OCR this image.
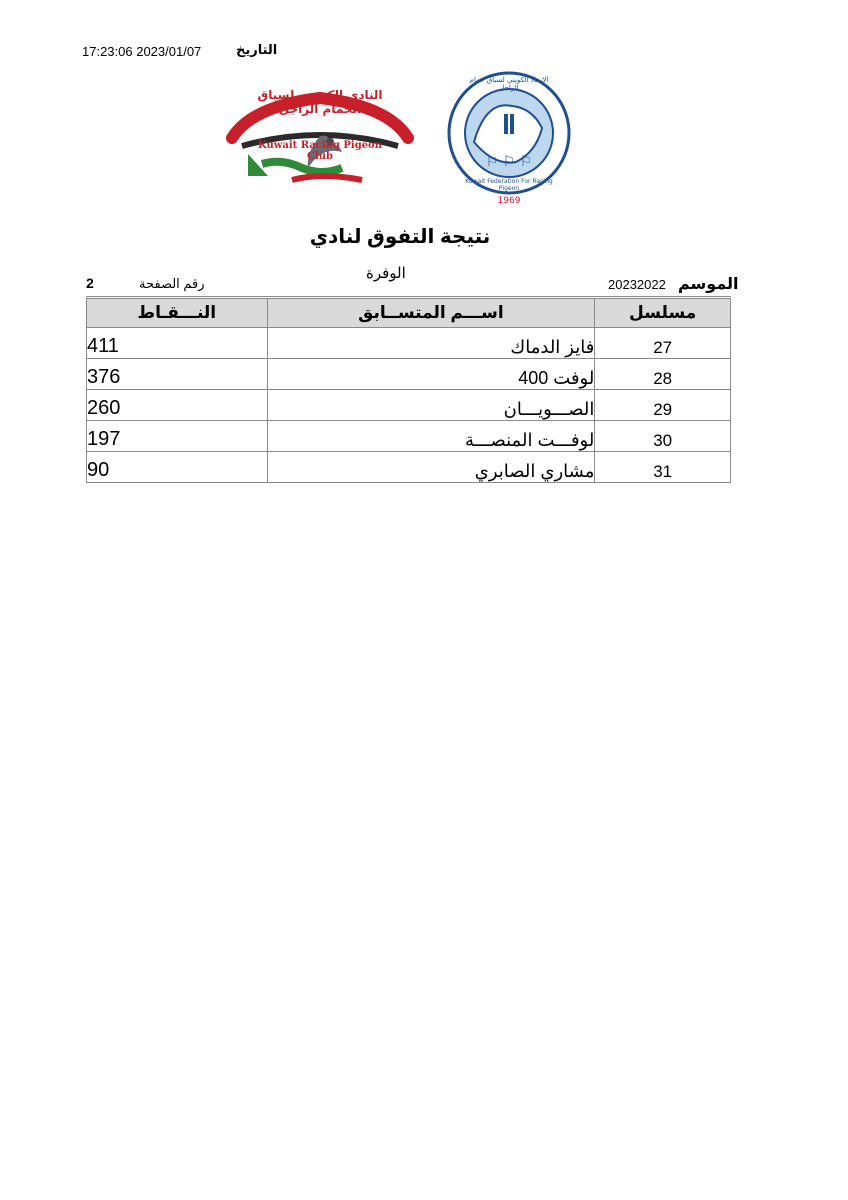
التاريخ
17:23:06 2023/01/07
النادي الكويتي لسباق الحمام الزاجل
Kuwait Racing Pigeon Club	⚐ ⚐ ⚐
1969
الاتحاد الكويتي لسباق حمام الزاجل
Kuwait Federation For Racing Pigeon
نتيجة التفوق لنادي
الوفرة
الموسم
20232022
رقم الصفحة
2
مسلسل	اســـم المتســابق	النـــقـاط
27	فايز الدماك	411
28	لوفت 400	376
29	الصـــويـــان	260
30	لوفـــت المنصـــة	197
31	مشاري الصابري	90
